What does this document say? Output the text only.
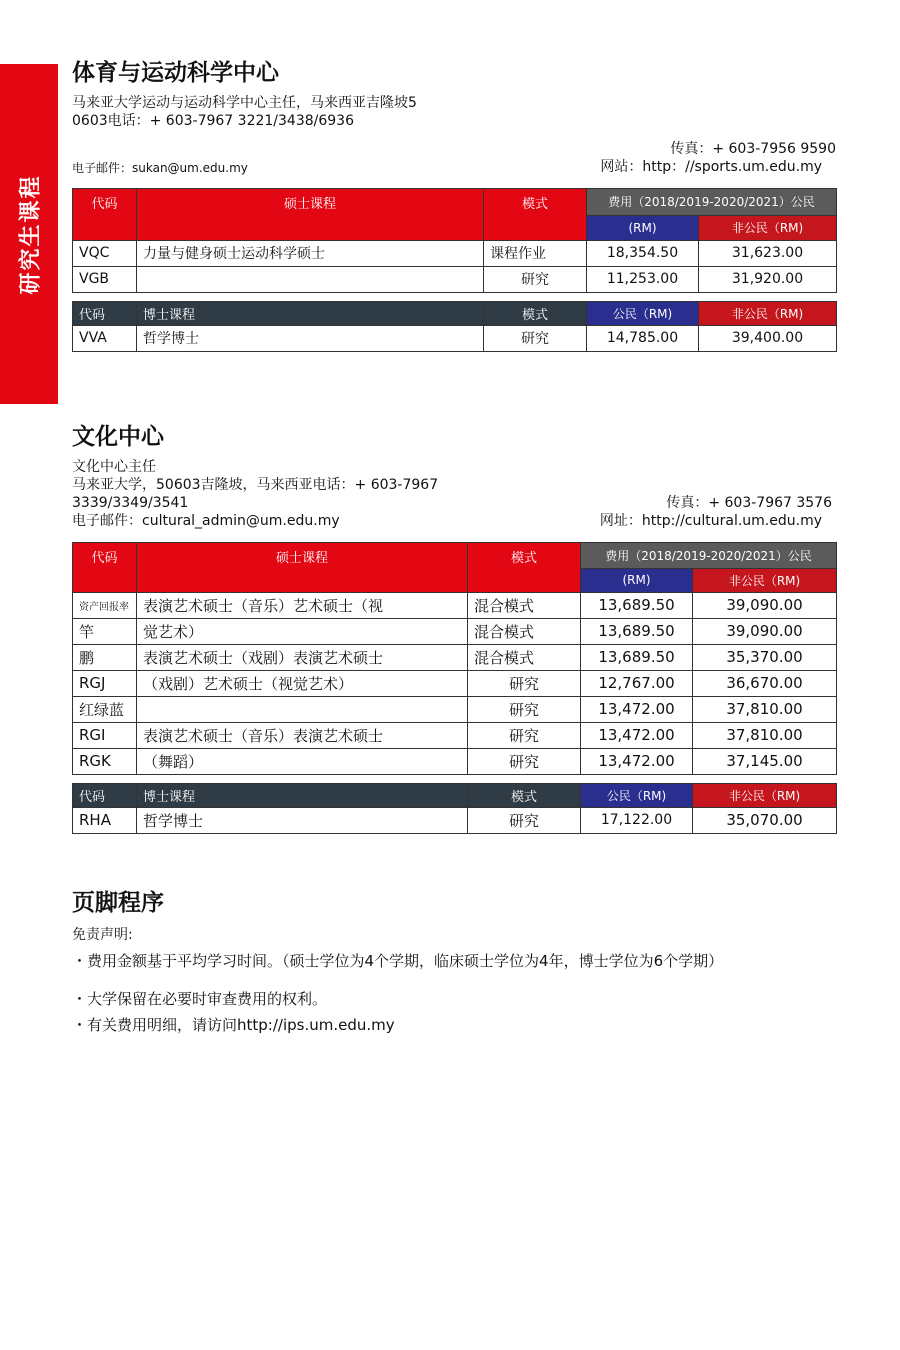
研究生课程
体育与运动科学中心
马来亚大学运动与运动科学中心主任，马来西亚吉隆坡5
0603电话：+ 603-7967 3221/3438/6936
传真：+ 603-7956 9590
电子邮件：sukan@um.edu.my	网站：http：//sports.um.edu.my
代码	硕士课程	模式	费用（2018/2019-2020/2021）公民	
			(RM)	非公民（RM)
VQC	力量与健身硕士运动科学硕士	课程作业	18,354.50	31,623.00
VGB		研究	11,253.00	31,920.00
代码	博士课程	模式	公民（RM)	非公民（RM)
VVA	哲学博士	研究	14,785.00	39,400.00
文化中心
文化中心主任
马来亚大学，50603吉隆坡，马来西亚电话：+ 603-7967
3339/3349/3541	传真：+ 603-7967 3576
电子邮件：cultural_admin@um.edu.my	网址：http://cultural.um.edu.my
代码	硕士课程	模式	费用（2018/2019-2020/2021）公民	
			(RM)	非公民（RM)
资产回报率	表演艺术硕士（音乐）艺术硕士（视	混合模式	13,689.50	39,090.00
竿	觉艺术）	混合模式	13,689.50	39,090.00
鹏	表演艺术硕士（戏剧）表演艺术硕士	混合模式	13,689.50	35,370.00
RGJ	（戏剧）艺术硕士（视觉艺术）	研究	12,767.00	36,670.00
红绿蓝		研究	13,472.00	37,810.00
RGI	表演艺术硕士（音乐）表演艺术硕士	研究	13,472.00	37,810.00
RGK	（舞蹈）	研究	13,472.00	37,145.00
代码	博士课程	模式	公民（RM)	非公民（RM)
RHA	哲学博士	研究	17,122.00	35,070.00
页脚程序
免责声明:
・费用金额基于平均学习时间。（硕士学位为4个学期，临床硕士学位为4年，博士学位为6个学期）
・大学保留在必要时审查费用的权利。
・有关费用明细，请访问http://ips.um.edu.my
